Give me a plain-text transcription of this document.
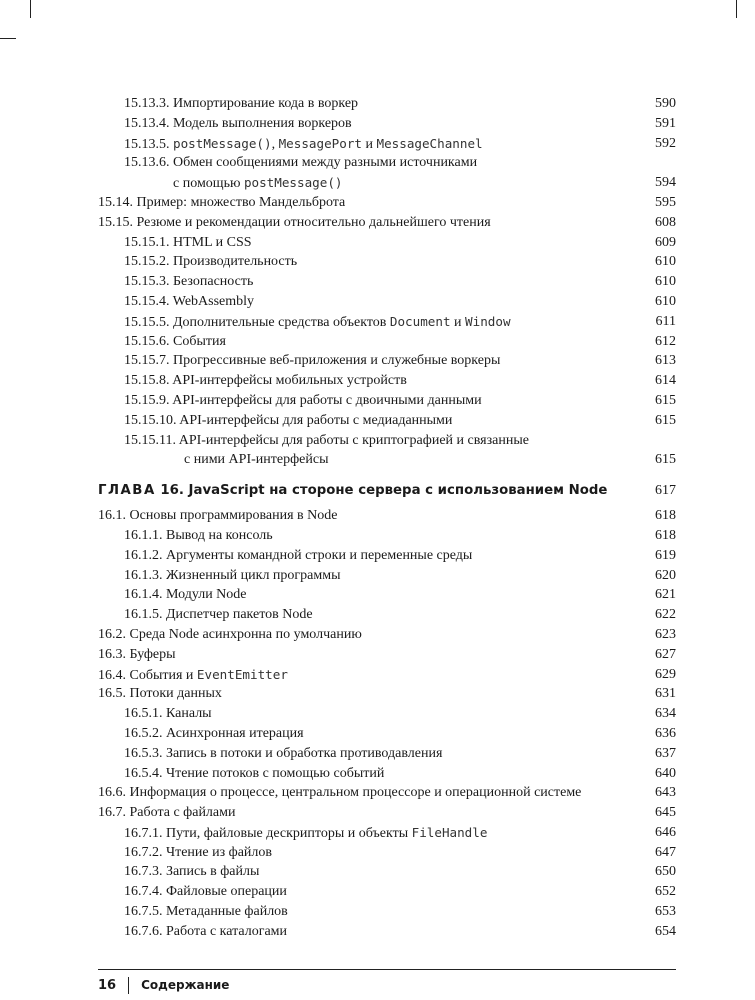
15.13.3. Импортирование кода в воркер	590
15.13.4. Модель выполнения воркеров	591
15.13.5. postMessage(), MessagePort и MessageChannel	592
15.13.6. Обмен сообщениями между разными источниками
с помощью postMessage()	594
15.14. Пример: множество Мандельброта	595
15.15. Резюме и рекомендации относительно дальнейшего чтения	608
15.15.1. HTML и CSS	609
15.15.2. Производительность	610
15.15.3. Безопасность	610
15.15.4. WebAssembly	610
15.15.5. Дополнительные средства объектов Document и Window	611
15.15.6. События	612
15.15.7. Прогрессивные веб-приложения и служебные воркеры	613
15.15.8. API-интерфейсы мобильных устройств	614
15.15.9. API-интерфейсы для работы с двоичными данными	615
15.15.10. API-интерфейсы для работы с медиаданными	615
15.15.11. API-интерфейсы для работы с криптографией и связанные
с ними API-интерфейсы	615
ГЛАВА 16. JavaScript на стороне сервера с использованием Node	617
16.1. Основы программирования в Node	618
16.1.1. Вывод на консоль	618
16.1.2. Аргументы командной строки и переменные среды	619
16.1.3. Жизненный цикл программы	620
16.1.4. Модули Node	621
16.1.5. Диспетчер пакетов Node	622
16.2. Среда Node асинхронна по умолчанию	623
16.3. Буферы	627
16.4. События и EventEmitter	629
16.5. Потоки данных	631
16.5.1. Каналы	634
16.5.2. Асинхронная итерация	636
16.5.3. Запись в потоки и обработка противодавления	637
16.5.4. Чтение потоков с помощью событий	640
16.6. Информация о процессе, центральном процессоре и операционной системе	643
16.7. Работа с файлами	645
16.7.1. Пути, файловые дескрипторы и объекты FileHandle	646
16.7.2. Чтение из файлов	647
16.7.3. Запись в файлы	650
16.7.4. Файловые операции	652
16.7.5. Метаданные файлов	653
16.7.6. Работа с каталогами	654
16 Содержание
